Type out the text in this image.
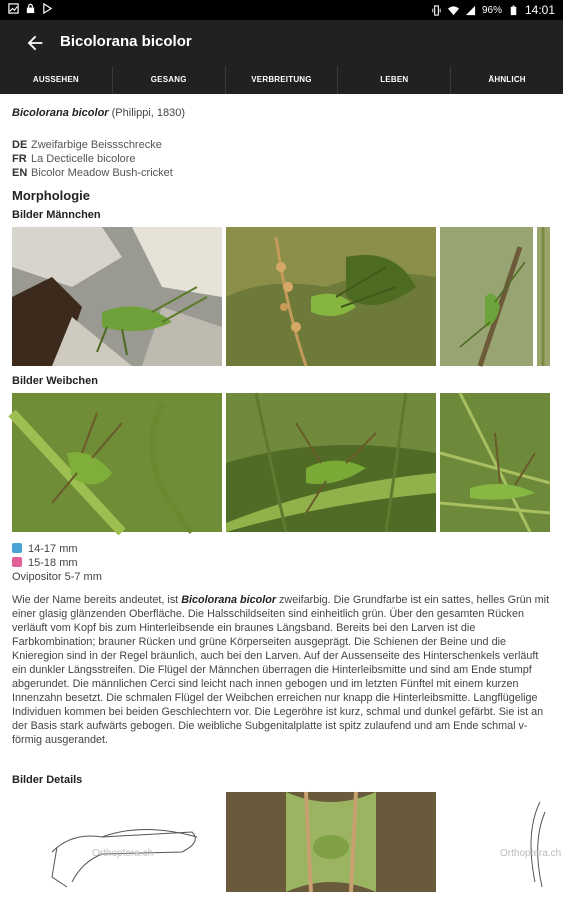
96% 14:01
Bicolorana bicolor
AUSSEHEN	GESANG	VERBREITUNG	LEBEN	ÄHNLICH
Bicolorana bicolor (Philippi, 1830)
DE Zweifarbige Beissschrecke
FR La Decticelle bicolore
EN Bicolor Meadow Bush-cricket
Morphologie
Bilder Männchen
Bilder Weibchen
14-17 mm
15-18 mm
Ovipositor 5-7 mm
Wie der Name bereits andeutet, ist Bicolorana bicolor zweifarbig. Die Grundfarbe ist ein sattes, helles Grün mit einer glasig glänzenden Oberfläche. Die Halsschildseiten sind einheitlich grün. Über den gesamten Rücken verläuft vom Kopf bis zum Hinterleibsende ein braunes Längsband. Bereits bei den Larven ist die Farbkombination; brauner Rücken und grüne Körperseiten ausgeprägt. Die Schienen der Beine und die Knieregion sind in der Regel bräunlich, auch bei den Larven. Auf der Aussenseite des Hinterschenkels verläuft ein dunkler Längsstreifen. Die Flügel der Männchen überragen die Hinterleibsmitte und sind am Ende stumpf abgerundet. Die männlichen Cerci sind leicht nach innen gebogen und im letzten Fünftel mit einem kurzen Innenzahn besetzt. Die schmalen Flügel der Weibchen erreichen nur knapp die Hinterleibsmitte. Langflügelige Individuen kommen bei beiden Geschlechtern vor. Die Legeröhre ist kurz, schmal und dunkel gefärbt. Sie ist an der Basis stark aufwärts gebogen. Die weibliche Subgenitalplatte ist spitz zulaufend und am Ende schmal v-förmig ausgerandet.
Bilder Details
Orthoptera.ch	Orthoptera.ch
